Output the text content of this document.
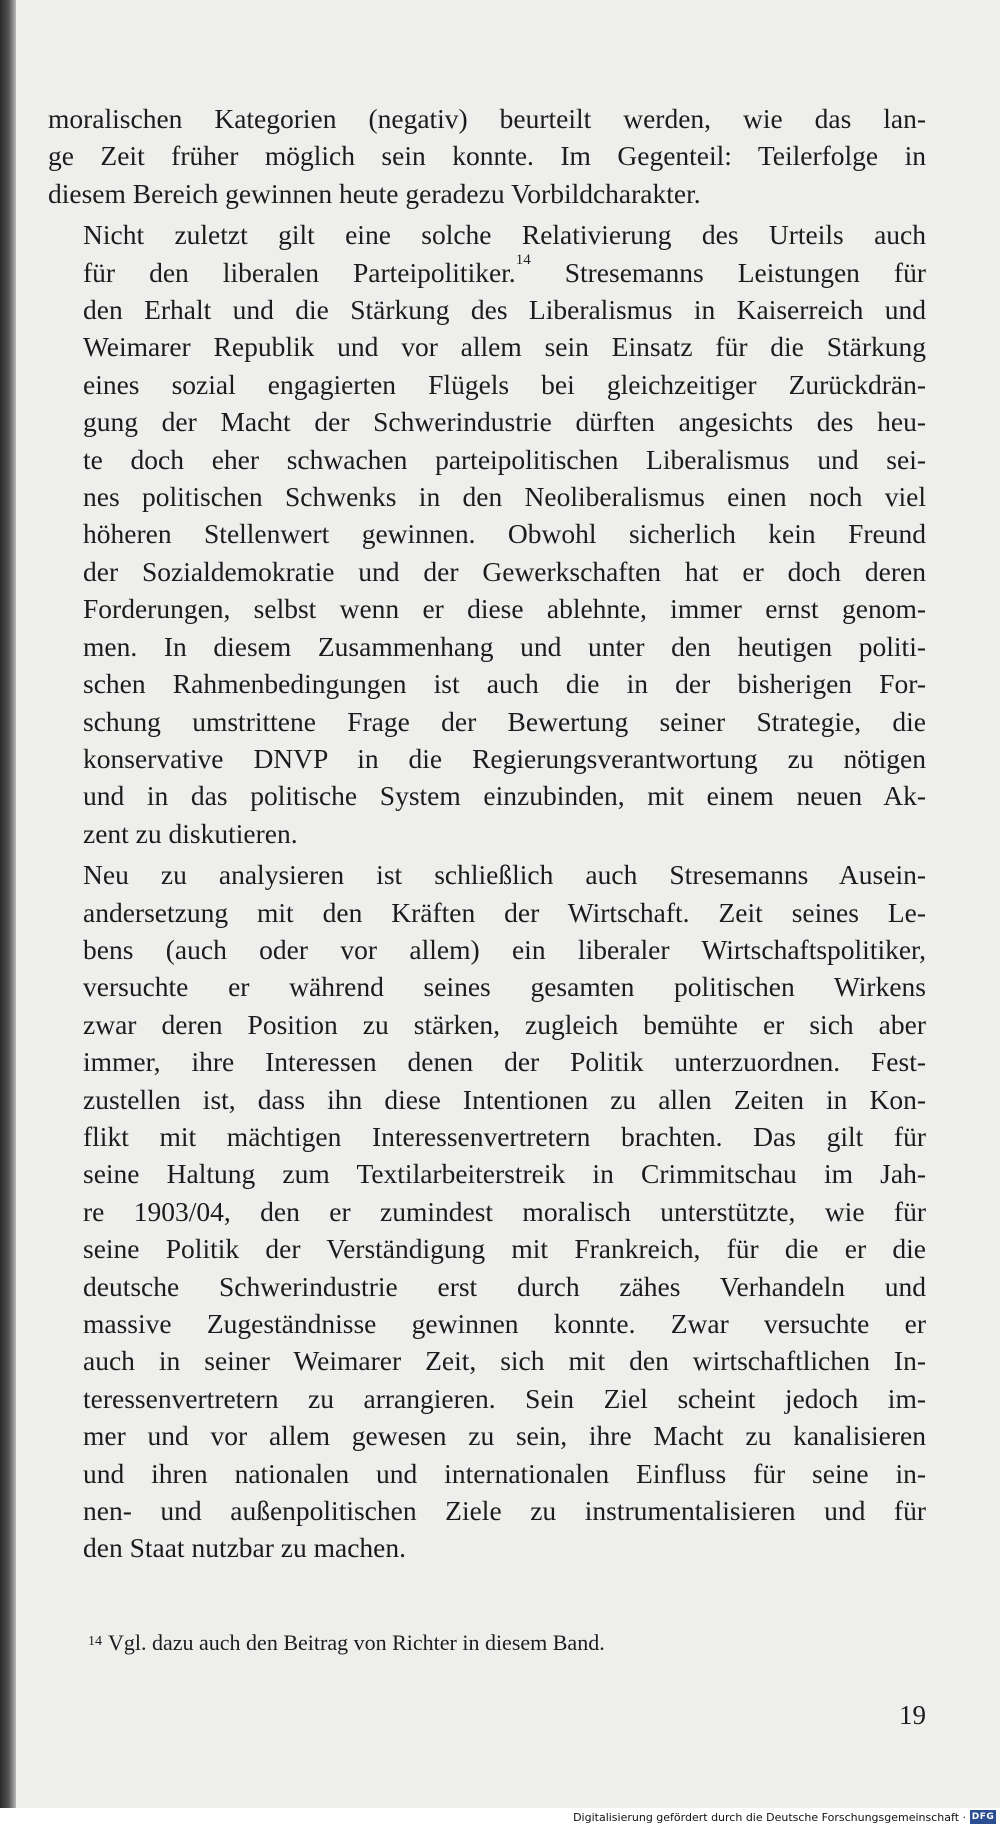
moralischen Kategorien (negativ) beurteilt werden, wie das lan-
ge Zeit früher möglich sein konnte. Im Gegenteil: Teilerfolge in
diesem Bereich gewinnen heute geradezu Vorbildcharakter.

Nicht zuletzt gilt eine solche Relativierung des Urteils auch
für den liberalen Parteipolitiker.$^{14}$ Stresemanns Leistungen für
den Erhalt und die Stärkung des Liberalismus in Kaiserreich und
Weimarer Republik und vor allem sein Einsatz für die Stärkung
eines sozial engagierten Flügels bei gleichzeitiger Zurückdrän-
gung der Macht der Schwerindustrie dürften angesichts des heu-
te doch eher schwachen parteipolitischen Liberalismus und sei-
nes politischen Schwenks in den Neoliberalismus einen noch viel
höheren Stellenwert gewinnen. Obwohl sicherlich kein Freund
der Sozialdemokratie und der Gewerkschaften hat er doch deren
Forderungen, selbst wenn er diese ablehnte, immer ernst genom-
men. In diesem Zusammenhang und unter den heutigen politi-
schen Rahmenbedingungen ist auch die in der bisherigen For-
schung umstrittene Frage der Bewertung seiner Strategie, die
konservative DNVP in die Regierungsverantwortung zu nötigen
und in das politische System einzubinden, mit einem neuen Ak-
zent zu diskutieren.

Neu zu analysieren ist schließlich auch Stresemanns Ausein-
andersetzung mit den Kräften der Wirtschaft. Zeit seines Le-
bens (auch oder vor allem) ein liberaler Wirtschaftspolitiker,
versuchte er während seines gesamten politischen Wirkens
zwar deren Position zu stärken, zugleich bemühte er sich aber
immer, ihre Interessen denen der Politik unterzuordnen. Fest-
zustellen ist, dass ihn diese Intentionen zu allen Zeiten in Kon-
flikt mit mächtigen Interessenvertretern brachten. Das gilt für
seine Haltung zum Textilarbeiterstreik in Crimmitschau im Jah-
re 1903/04, den er zumindest moralisch unterstützte, wie für
seine Politik der Verständigung mit Frankreich, für die er die
deutsche Schwerindustrie erst durch zähes Verhandeln und
massive Zugeständnisse gewinnen konnte. Zwar versuchte er
auch in seiner Weimarer Zeit, sich mit den wirtschaftlichen In-
teressenvertretern zu arrangieren. Sein Ziel scheint jedoch im-
mer und vor allem gewesen zu sein, ihre Macht zu kanalisieren
und ihren nationalen und internationalen Einfluss für seine in-
nen- und außenpolitischen Ziele zu instrumentalisieren und für
den Staat nutzbar zu machen.

$^{14}$ Vgl. dazu auch den Beitrag von Richter in diesem Band.
19
Digitalisierung gefördert durch die Deutsche Forschungsgemeinschaft · DFG
